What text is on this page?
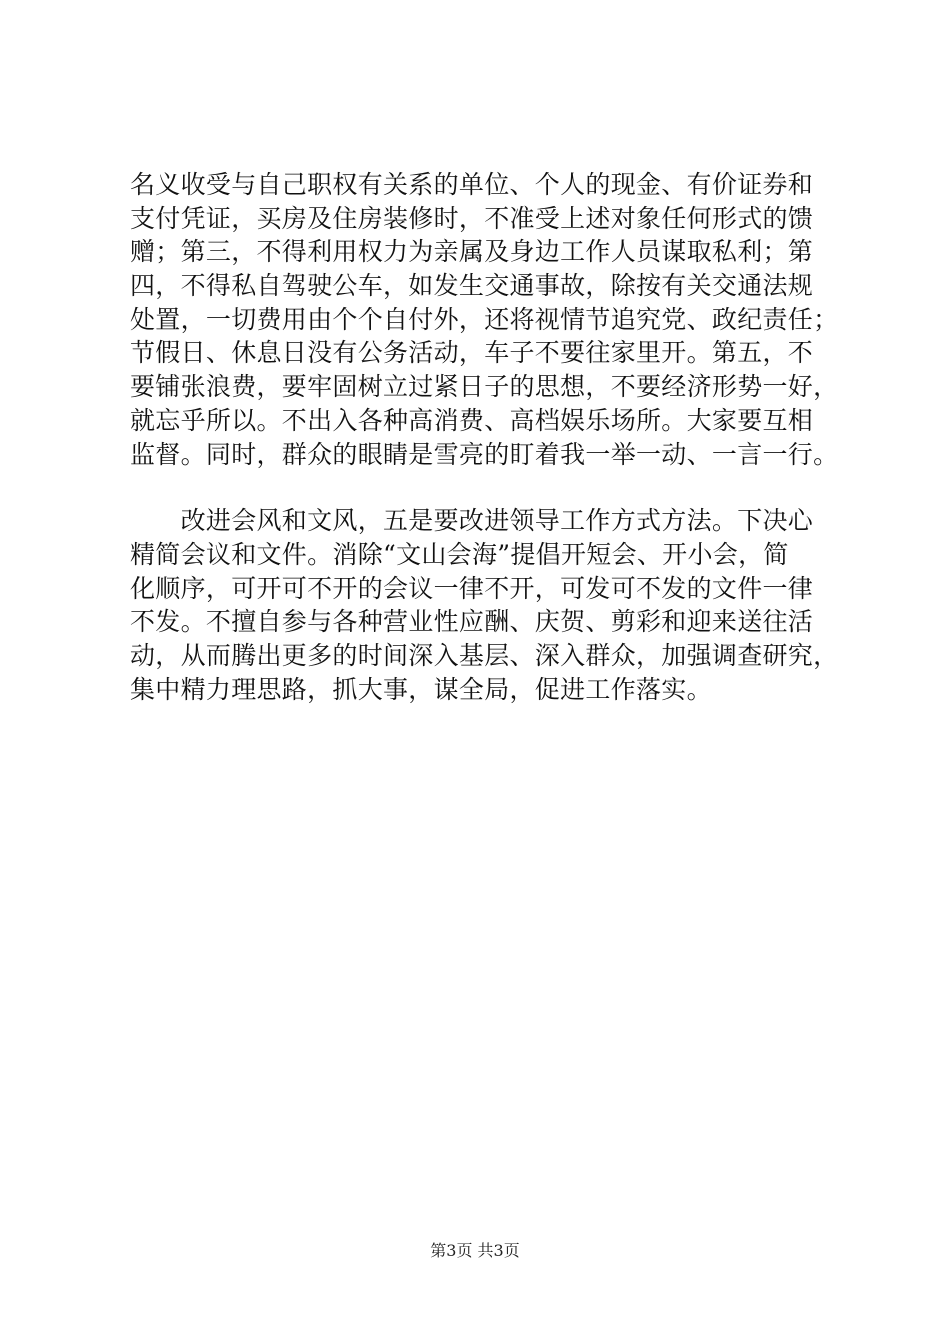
名义收受与自己职权有关系的单位、个人的现金、有价证券和
支付凭证，买房及住房装修时，不准受上述对象任何形式的馈
赠；第三，不得利用权力为亲属及身边工作人员谋取私利；第
四，不得私自驾驶公车，如发生交通事故，除按有关交通法规
处置，一切费用由个个自付外，还将视情节追究党、政纪责任；
节假日、休息日没有公务活动，车子不要往家里开。第五，不
要铺张浪费，要牢固树立过紧日子的思想，不要经济形势一好，
就忘乎所以。不出入各种高消费、高档娱乐场所。大家要互相
监督。同时，群众的眼睛是雪亮的盯着我一举一动、一言一行。
　　改进会风和文风，五是要改进领导工作方式方法。下决心
精简会议和文件。消除“文山会海”提倡开短会、开小会，简
化顺序，可开可不开的会议一律不开，可发可不发的文件一律
不发。不擅自参与各种营业性应酬、庆贺、剪彩和迎来送往活
动，从而腾出更多的时间深入基层、深入群众，加强调查研究，
集中精力理思路，抓大事，谋全局，促进工作落实。
第3页 共3页
